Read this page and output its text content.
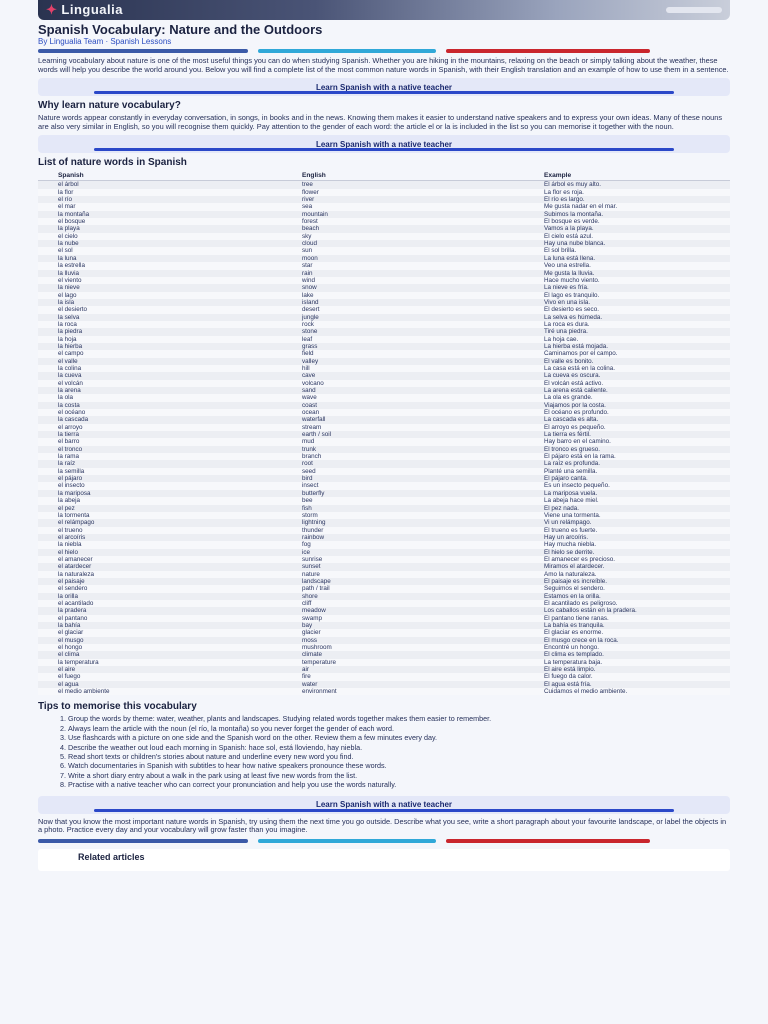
✦ Lingualia
Spanish Vocabulary: Nature and the Outdoors
By Lingualia Team · Spanish Lessons

Learning vocabulary about nature is one of the most useful things you can do when studying Spanish. Whether you are hiking in the mountains, relaxing on the beach or simply talking about the weather, these words will help you describe the world around you. Below you will find a complete list of the most common nature words in Spanish, with their English translation and an example of how to use them in a sentence.

Learn Spanish with a native teacher
Why learn nature vocabulary?

Nature words appear constantly in everyday conversation, in songs, in books and in the news. Knowing them makes it easier to understand native speakers and to express your own ideas. Many of these nouns are also very similar in English, so you will recognise them quickly. Pay attention to the gender of each word: the article el or la is included in the list so you can memorise it together with the noun.

Learn Spanish with a native teacher
List of nature words in Spanish
Spanish	English	Example
el árbol	tree	El árbol es muy alto.
la flor	flower	La flor es roja.
el río	river	El río es largo.
el mar	sea	Me gusta nadar en el mar.
la montaña	mountain	Subimos la montaña.
el bosque	forest	El bosque es verde.
la playa	beach	Vamos a la playa.
el cielo	sky	El cielo está azul.
la nube	cloud	Hay una nube blanca.
el sol	sun	El sol brilla.
la luna	moon	La luna está llena.
la estrella	star	Veo una estrella.
la lluvia	rain	Me gusta la lluvia.
el viento	wind	Hace mucho viento.
la nieve	snow	La nieve es fría.
el lago	lake	El lago es tranquilo.
la isla	island	Vivo en una isla.
el desierto	desert	El desierto es seco.
la selva	jungle	La selva es húmeda.
la roca	rock	La roca es dura.
la piedra	stone	Tiré una piedra.
la hoja	leaf	La hoja cae.
la hierba	grass	La hierba está mojada.
el campo	field	Caminamos por el campo.
el valle	valley	El valle es bonito.
la colina	hill	La casa está en la colina.
la cueva	cave	La cueva es oscura.
el volcán	volcano	El volcán está activo.
la arena	sand	La arena está caliente.
la ola	wave	La ola es grande.
la costa	coast	Viajamos por la costa.
el océano	ocean	El océano es profundo.
la cascada	waterfall	La cascada es alta.
el arroyo	stream	El arroyo es pequeño.
la tierra	earth / soil	La tierra es fértil.
el barro	mud	Hay barro en el camino.
el tronco	trunk	El tronco es grueso.
la rama	branch	El pájaro está en la rama.
la raíz	root	La raíz es profunda.
la semilla	seed	Planté una semilla.
el pájaro	bird	El pájaro canta.
el insecto	insect	Es un insecto pequeño.
la mariposa	butterfly	La mariposa vuela.
la abeja	bee	La abeja hace miel.
el pez	fish	El pez nada.
la tormenta	storm	Viene una tormenta.
el relámpago	lightning	Vi un relámpago.
el trueno	thunder	El trueno es fuerte.
el arcoíris	rainbow	Hay un arcoíris.
la niebla	fog	Hay mucha niebla.
el hielo	ice	El hielo se derrite.
el amanecer	sunrise	El amanecer es precioso.
el atardecer	sunset	Miramos el atardecer.
la naturaleza	nature	Amo la naturaleza.
el paisaje	landscape	El paisaje es increíble.
el sendero	path / trail	Seguimos el sendero.
la orilla	shore	Estamos en la orilla.
el acantilado	cliff	El acantilado es peligroso.
la pradera	meadow	Los caballos están en la pradera.
el pantano	swamp	El pantano tiene ranas.
la bahía	bay	La bahía es tranquila.
el glaciar	glacier	El glaciar es enorme.
el musgo	moss	El musgo crece en la roca.
el hongo	mushroom	Encontré un hongo.
el clima	climate	El clima es templado.
la temperatura	temperature	La temperatura baja.
el aire	air	El aire está limpio.
el fuego	fire	El fuego da calor.
el agua	water	El agua está fría.
el medio ambiente	environment	Cuidamos el medio ambiente.
Tips to memorise this vocabulary
1. Group the words by theme: water, weather, plants and landscapes. Studying related words together makes them easier to remember.
2. Always learn the article with the noun (el río, la montaña) so you never forget the gender of each word.
3. Use flashcards with a picture on one side and the Spanish word on the other. Review them a few minutes every day.
4. Describe the weather out loud each morning in Spanish: hace sol, está lloviendo, hay niebla.
5. Read short texts or children's stories about nature and underline every new word you find.
6. Watch documentaries in Spanish with subtitles to hear how native speakers pronounce these words.
7. Write a short diary entry about a walk in the park using at least five new words from the list.
8. Practise with a native teacher who can correct your pronunciation and help you use the words naturally.
Learn Spanish with a native teacher

Now that you know the most important nature words in Spanish, try using them the next time you go outside. Describe what you see, write a short paragraph about your favourite landscape, or label the objects in a photo. Practice every day and your vocabulary will grow faster than you imagine.

Related articles
